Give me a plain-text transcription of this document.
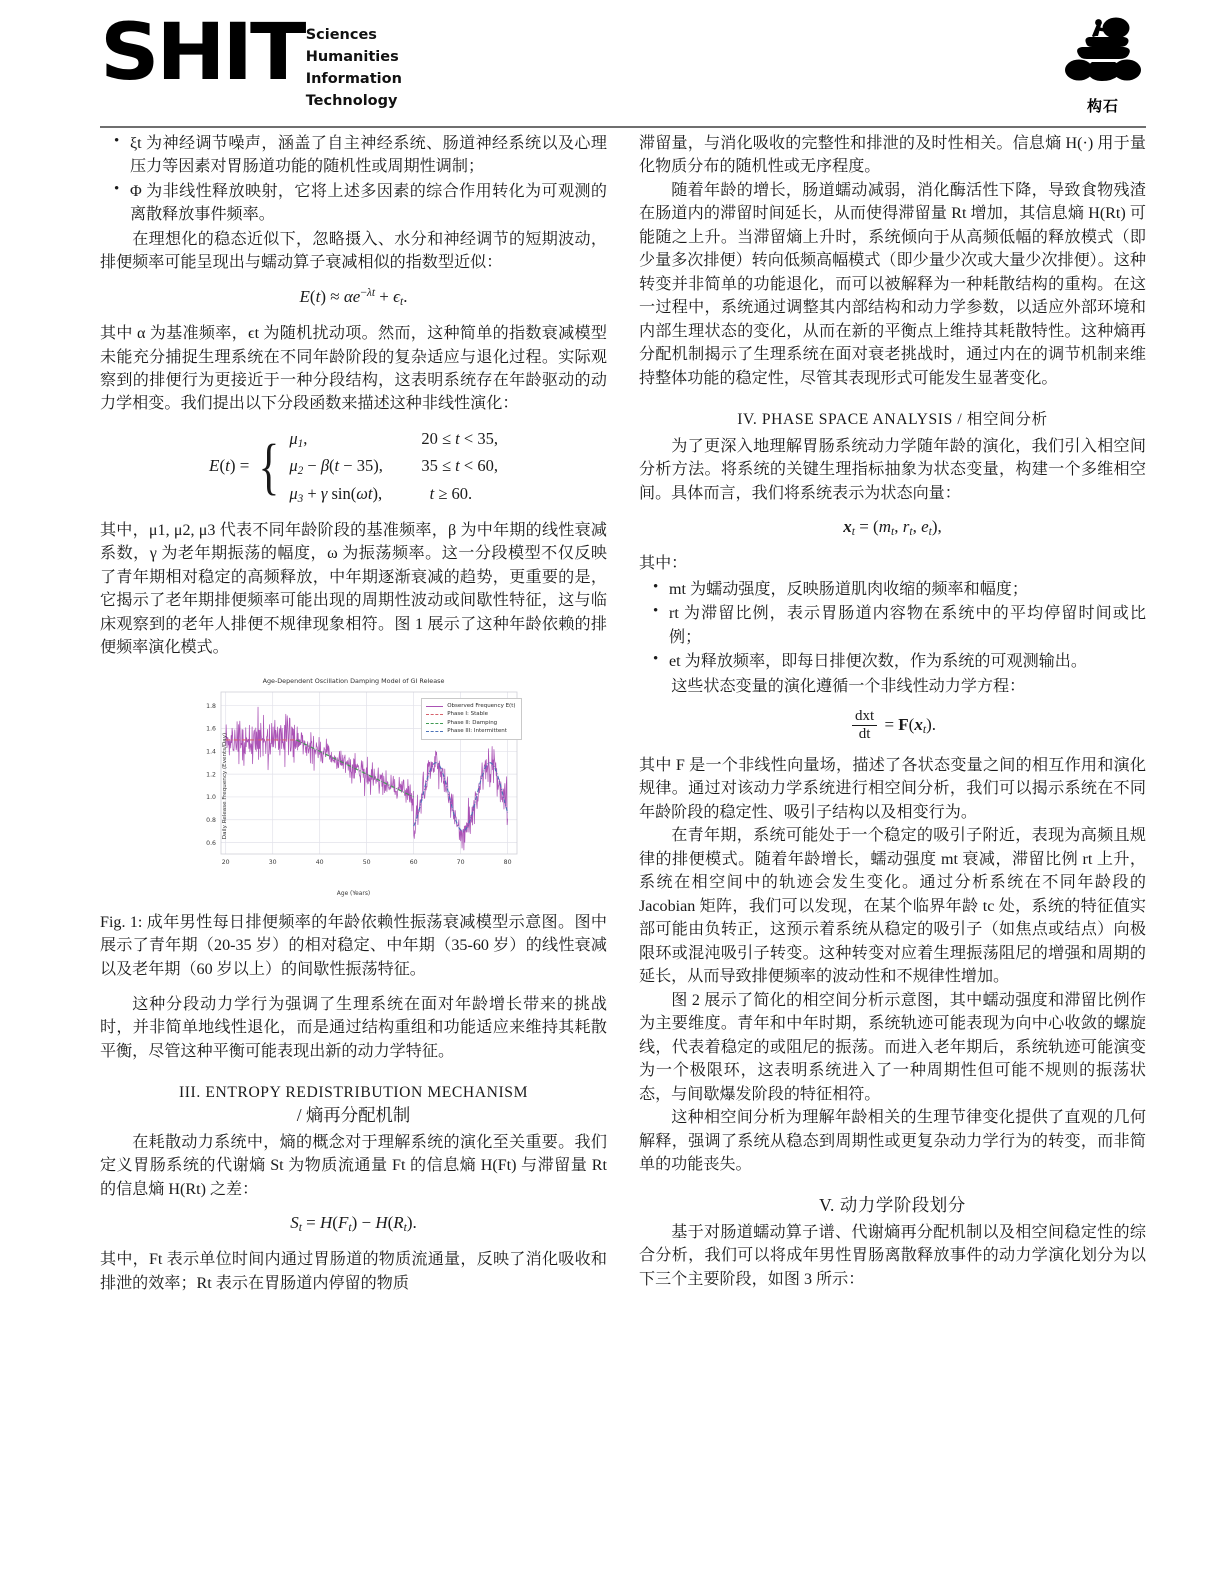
SHIT Sciences
Humanities
Information
Technology	构石
• ξt 为神经调节噪声，涵盖了自主神经系统、肠道神经系统以及心理压力等因素对胃肠道功能的随机性或周期性调制；
• Φ 为非线性释放映射，它将上述多因素的综合作用转化为可观测的离散释放事件频率。

在理想化的稳态近似下，忽略摄入、水分和神经调节的短期波动，排便频率可能呈现出与蠕动算子衰减相似的指数型近似：

$E(t) \approx \alpha e^{-\lambda t} + \epsilon_t$.

其中 α 为基准频率，ϵt 为随机扰动项。然而，这种简单的指数衰减模型未能充分捕捉生理系统在不同年龄阶段的复杂适应与退化过程。实际观察到的排便行为更接近于一种分段结构，这表明系统存在年龄驱动的动力学相变。我们提出以下分段函数来描述这种非线性演化：

E(t) = { $\mu_1$,	20 ≤ t < 35,
$\mu_2 - \beta(t - 35)$,	35 ≤ t < 60,
$\mu_3 + \gamma$ sin(ωt),	t ≥ 60.

其中，μ1, μ2, μ3 代表不同年龄阶段的基准频率，β 为中年期的线性衰减系数，γ 为老年期振荡的幅度，ω 为振荡频率。这一分段模型不仅反映了青年期相对稳定的高频释放，中年期逐渐衰减的趋势，更重要的是，它揭示了老年期排便频率可能出现的周期性波动或间歇性特征，这与临床观察到的老年人排便不规律现象相符。图 1 展示了这种年龄依赖的排便频率演化模式。

Age-Dependent Oscillation Damping Model of GI Release
Daily Release Frequency (Events/Day)
0.6
0.8
1.0
1.2
1.4
1.6
1.8
20	30	40	50	60	70	80
Observed Frequency E(t)
Phase I: Stable
Phase II: Damping
Phase III: Intermittent
Age (Years)
Fig. 1: 成年男性每日排便频率的年龄依赖性振荡衰减模型示意图。图中展示了青年期（20-35 岁）的相对稳定、中年期（35-60 岁）的线性衰减以及老年期（60 岁以上）的间歇性振荡特征。

这种分段动力学行为强调了生理系统在面对年龄增长带来的挑战时，并非简单地线性退化，而是通过结构重组和功能适应来维持其耗散平衡，尽管这种平衡可能表现出新的动力学特征。

III. ENTROPY REDISTRIBUTION MECHANISM
/ 熵再分配机制

在耗散动力系统中，熵的概念对于理解系统的演化至关重要。我们定义胃肠系统的代谢熵 St 为物质流通量 Ft 的信息熵 H(Ft) 与滞留量 Rt 的信息熵 H(Rt) 之差：

$S_t = H(F_t) - H(R_t)$.

其中，Ft 表示单位时间内通过胃肠道的物质流通量，反映了消化吸收和排泄的效率；Rt 表示在胃肠道内停留的物质

滞留量，与消化吸收的完整性和排泄的及时性相关。信息熵 H(·) 用于量化物质分布的随机性或无序程度。

随着年龄的增长，肠道蠕动减弱，消化酶活性下降，导致食物残渣在肠道内的滞留时间延长，从而使得滞留量 Rt 增加，其信息熵 H(Rt) 可能随之上升。当滞留熵上升时，系统倾向于从高频低幅的释放模式（即少量多次排便）转向低频高幅模式（即少量少次或大量少次排便）。这种转变并非简单的功能退化，而可以被解释为一种耗散结构的重构。在这一过程中，系统通过调整其内部结构和动力学参数，以适应外部环境和内部生理状态的变化，从而在新的平衡点上维持其耗散特性。这种熵再分配机制揭示了生理系统在面对衰老挑战时，通过内在的调节机制来维持整体功能的稳定性，尽管其表现形式可能发生显著变化。

IV. PHASE SPACE ANALYSIS / 相空间分析

为了更深入地理解胃肠系统动力学随年龄的演化，我们引入相空间分析方法。将系统的关键生理指标抽象为状态变量，构建一个多维相空间。具体而言，我们将系统表示为状态向量：

$x_t = (m_t$, $r_t$, $e_t$),

其中：

• mt 为蠕动强度，反映肠道肌肉收缩的频率和幅度；
• rt 为滞留比例，表示胃肠道内容物在系统中的平均停留时间或比例；
• et 为释放频率，即每日排便次数，作为系统的可观测输出。

这些状态变量的演化遵循一个非线性动力学方程：

$\frac{\text{dxt}}{dt} = F(x_t)$.

其中 F 是一个非线性向量场，描述了各状态变量之间的相互作用和演化规律。通过对该动力学系统进行相空间分析，我们可以揭示系统在不同年龄阶段的稳定性、吸引子结构以及相变行为。

在青年期，系统可能处于一个稳定的吸引子附近，表现为高频且规律的排便模式。随着年龄增长，蠕动强度 mt 衰减，滞留比例 rt 上升，系统在相空间中的轨迹会发生变化。通过分析系统在不同年龄段的 Jacobian 矩阵，我们可以发现，在某个临界年龄 tc 处，系统的特征值实部可能由负转正，这预示着系统从稳定的吸引子（如焦点或结点）向极限环或混沌吸引子转变。这种转变对应着生理振荡阻尼的增强和周期的延长，从而导致排便频率的波动性和不规律性增加。

图 2 展示了简化的相空间分析示意图，其中蠕动强度和滞留比例作为主要维度。青年和中年时期，系统轨迹可能表现为向中心收敛的螺旋线，代表着稳定的或阻尼的振荡。而进入老年期后，系统轨迹可能演变为一个极限环，这表明系统进入了一种周期性但可能不规则的振荡状态，与间歇爆发阶段的特征相符。

这种相空间分析为理解年龄相关的生理节律变化提供了直观的几何解释，强调了系统从稳态到周期性或更复杂动力学行为的转变，而非简单的功能丧失。

V. 动力学阶段划分

基于对肠道蠕动算子谱、代谢熵再分配机制以及相空间稳定性的综合分析，我们可以将成年男性胃肠离散释放事件的动力学演化划分为以下三个主要阶段，如图 3 所示：
